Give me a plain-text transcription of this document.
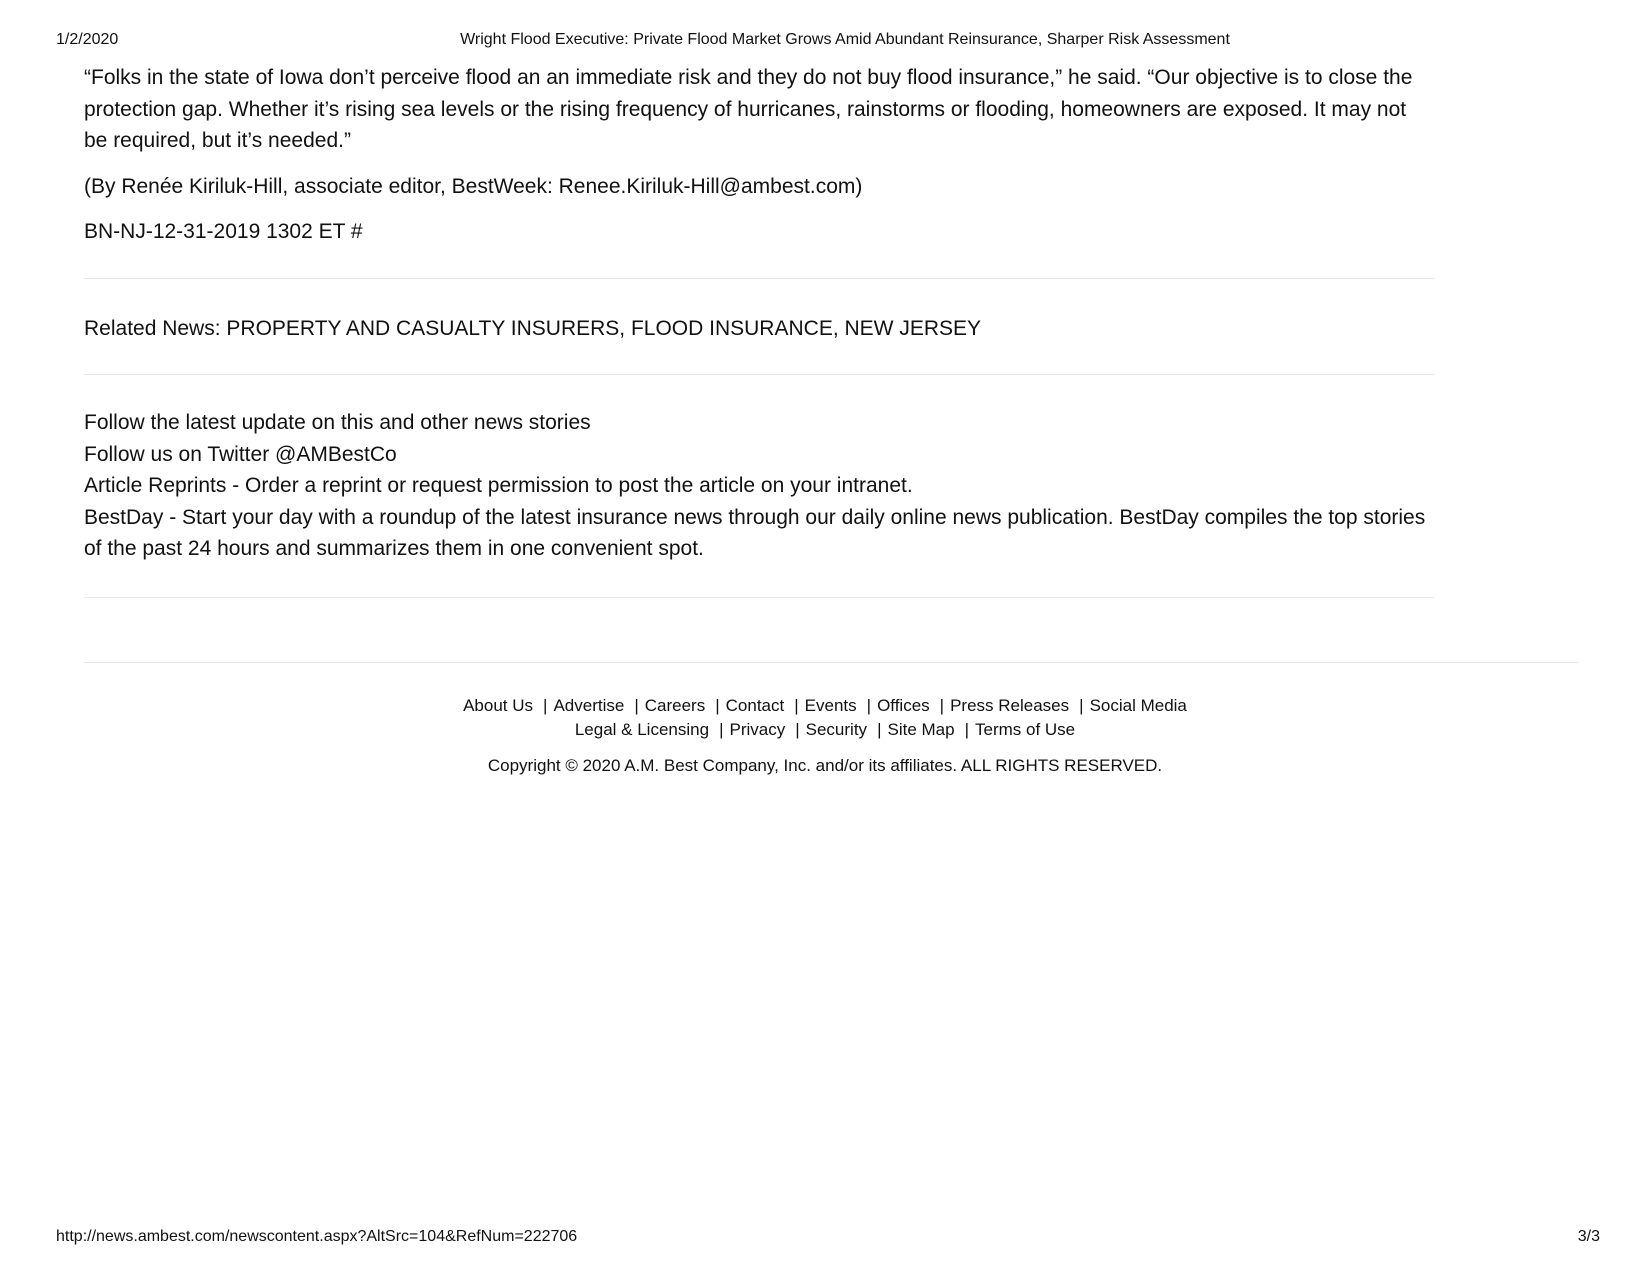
1/2/2020	Wright Flood Executive: Private Flood Market Grows Amid Abundant Reinsurance, Sharper Risk Assessment

“Folks in the state of Iowa don’t perceive flood an an immediate risk and they do not buy flood insurance,” he said. “Our objective is to close the protection gap. Whether it’s rising sea levels or the rising frequency of hurricanes, rainstorms or flooding, homeowners are exposed. It may not be required, but it’s needed.”

(By Renée Kiriluk-Hill, associate editor, BestWeek: Renee.Kiriluk-Hill@ambest.com)

BN-NJ-12-31-2019 1302 ET #

Related News: PROPERTY AND CASUALTY INSURERS, FLOOD INSURANCE, NEW JERSEY

Follow the latest update on this and other news stories

Follow us on Twitter @AMBestCo

Article Reprints - Order a reprint or request permission to post the article on your intranet.

BestDay - Start your day with a roundup of the latest insurance news through our daily online news publication. BestDay compiles the top stories of the past 24 hours and summarizes them in one convenient spot.

About Us | Advertise | Careers | Contact | Events | Offices | Press Releases | Social Media
Legal & Licensing | Privacy | Security | Site Map | Terms of Use
Copyright © 2020 A.M. Best Company, Inc. and/or its affiliates. ALL RIGHTS RESERVED.
http://news.ambest.com/newscontent.aspx?AltSrc=104&RefNum=222706	3/3
